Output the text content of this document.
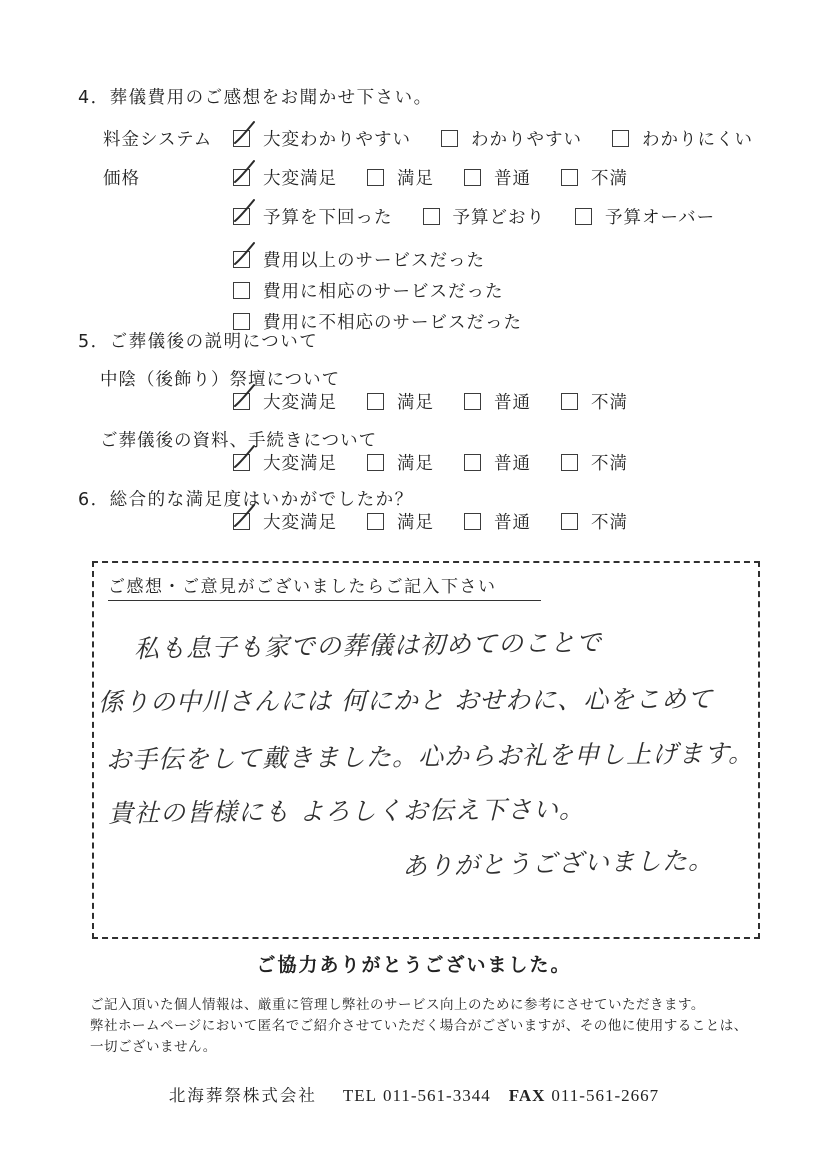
4．葬儀費用のご感想をお聞かせ下さい。
料金システム	大変わかりやすい	わかりやすい	わかりにくい
価格	大変満足	満足	普通	不満
予算を下回った	予算どおり	予算オーバー
費用以上のサービスだった
費用に相応のサービスだった
費用に不相応のサービスだった
5．ご葬儀後の説明について
中陰（後飾り）祭壇について
大変満足	満足	普通	不満
ご葬儀後の資料、手続きについて
大変満足	満足	普通	不満
6．総合的な満足度はいかがでしたか？
大変満足	満足	普通	不満
ご感想・ご意見がございましたらご記入下さい
私も息子も家での葬儀は初めてのことで
係りの中川さんには 何にかと おせわに、心をこめて
お手伝をして戴きました。心からお礼を申し上げます。
貴社の皆様にも よろしくお伝え下さい。
ありがとうございました。
ご協力ありがとうございました。
ご記入頂いた個人情報は、厳重に管理し弊社のサービス向上のために参考にさせていただきます。
弊社ホームページにおいて匿名でご紹介させていただく場合がございますが、その他に使用することは、
一切ございません。
北海葬祭株式会社 TEL 011-561-3344 FAX 011-561-2667
